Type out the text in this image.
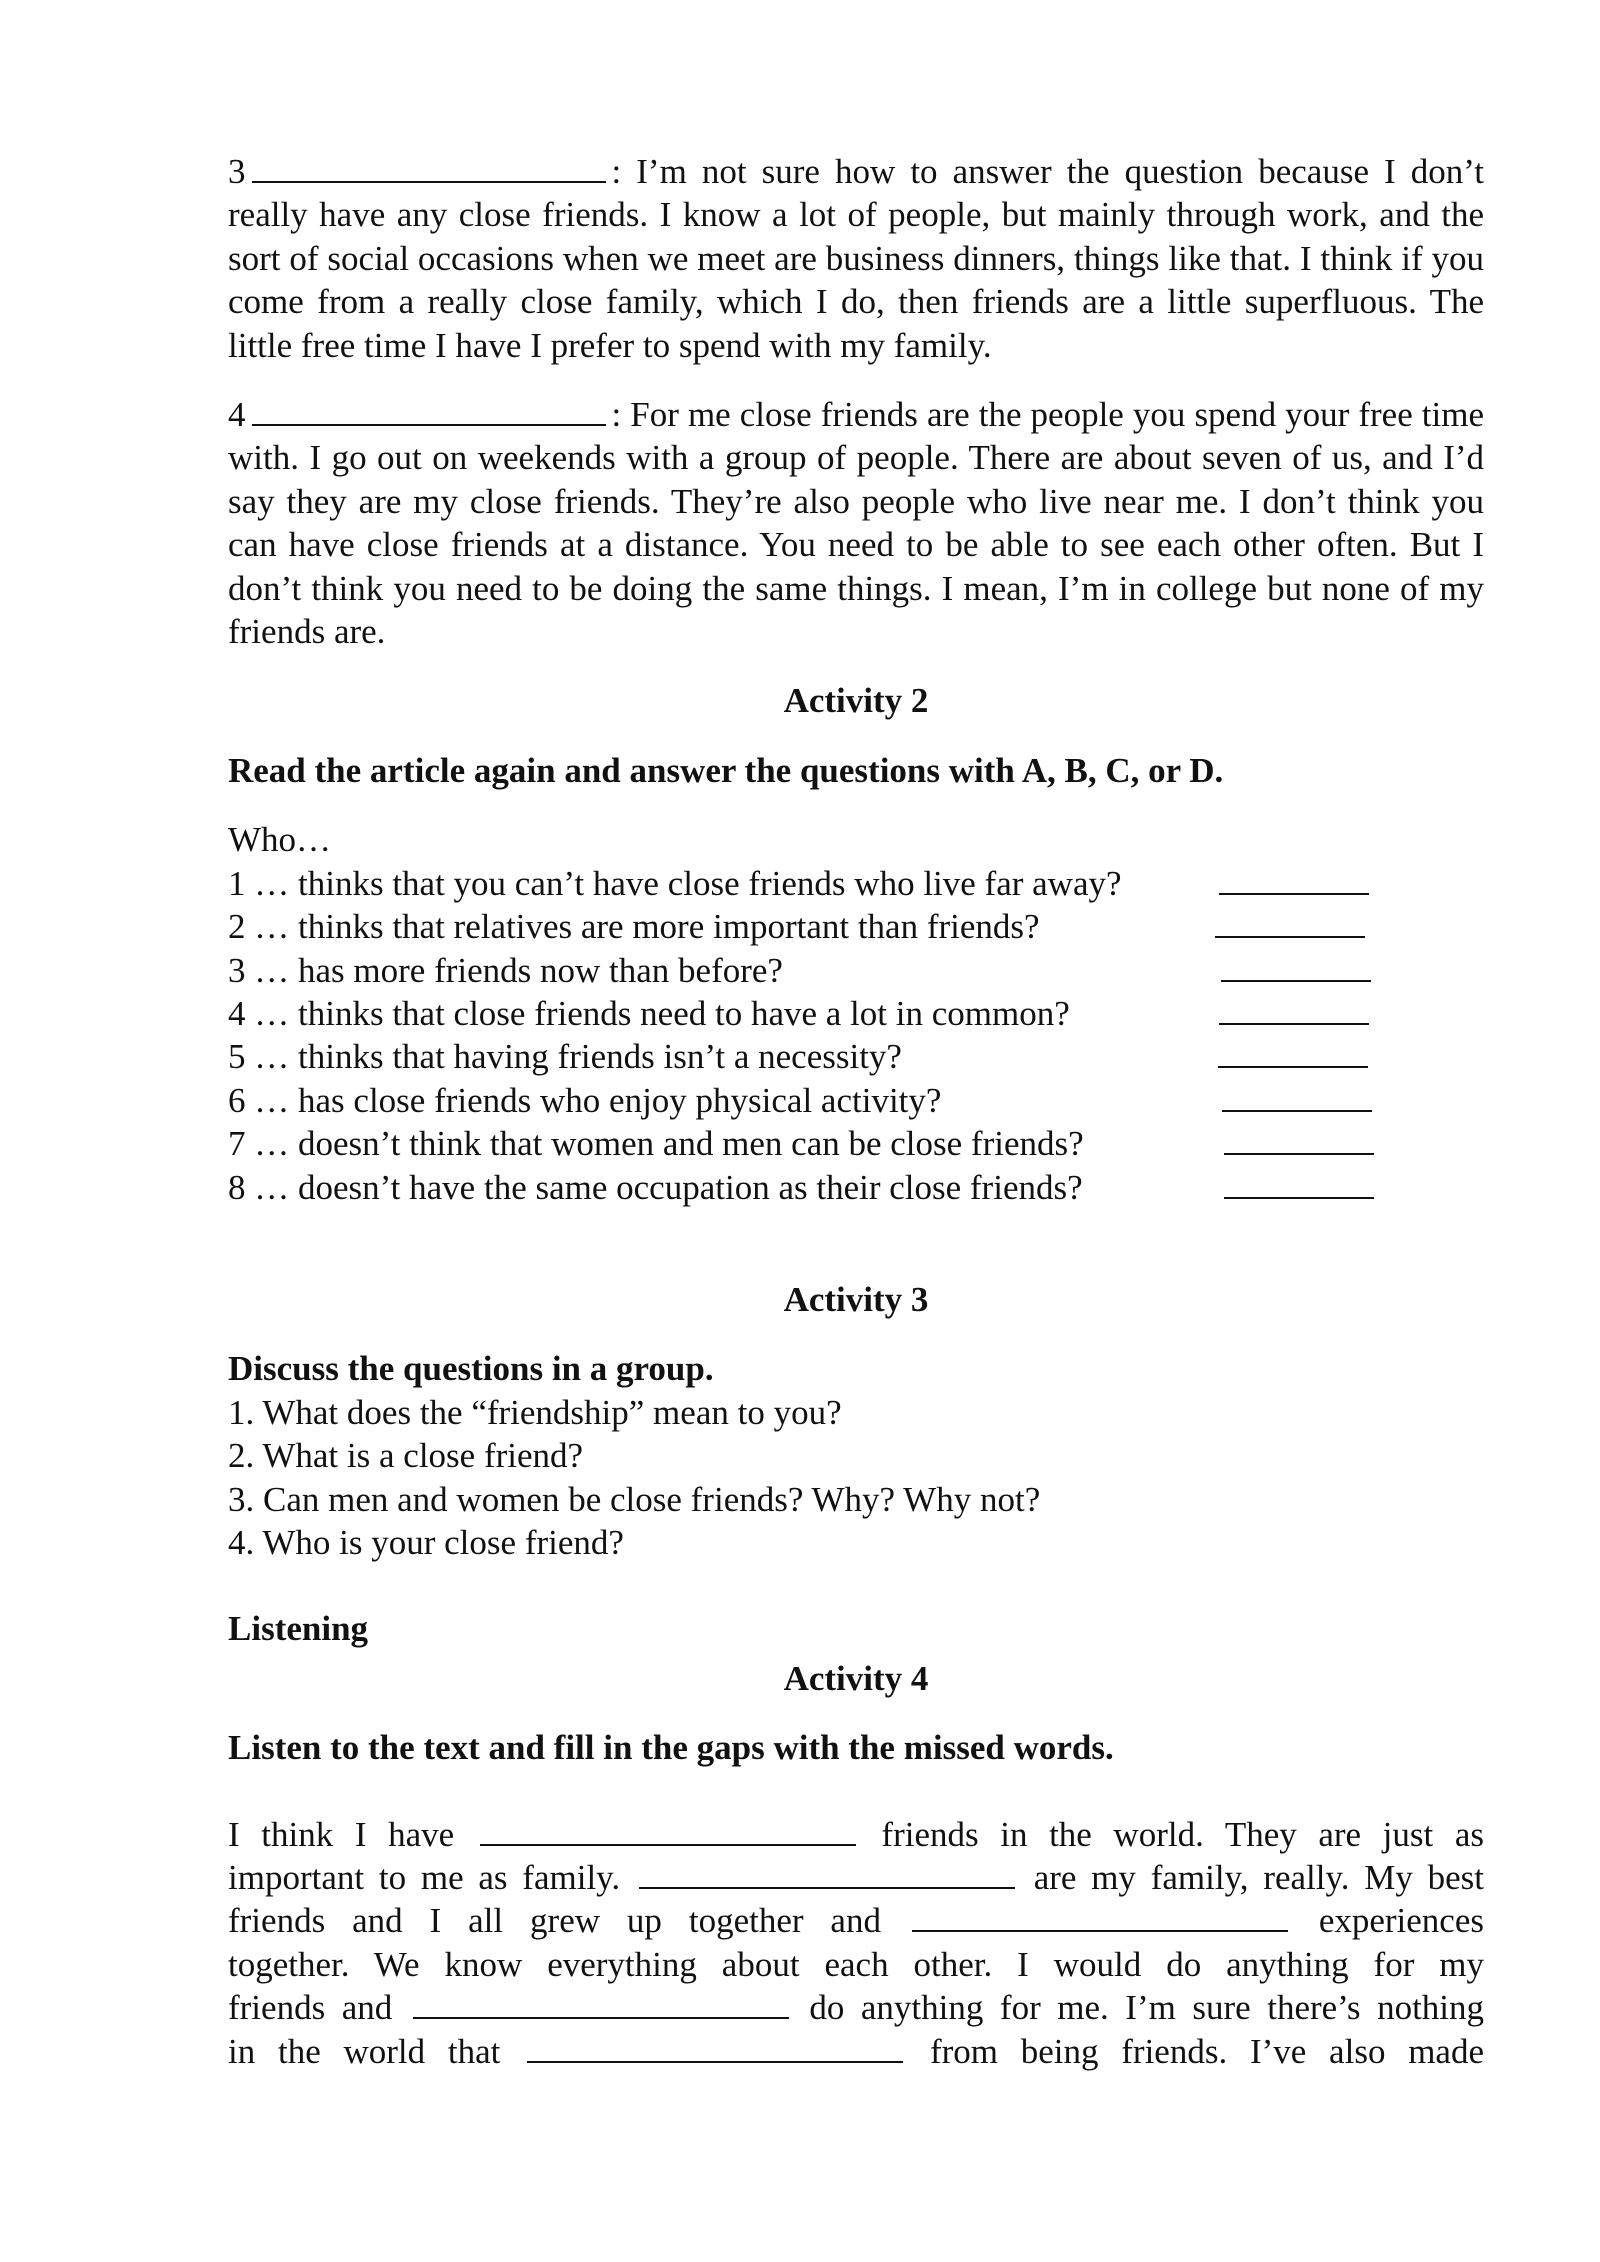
3	: I’m not sure how to answer the question because I don’t really have any close friends. I know a lot of people, but mainly through work, and the sort of social occasions when we meet are business dinners, things like that. I think if you come from a really close family, which I do, then friends are a little superfluous. The little free time I have I prefer to spend with my family.

4	: For me close friends are the people you spend your free time with. I go out on weekends with a group of people. There are about seven of us, and I’d say they are my close friends. They’re also people who live near me. I don’t think you can have close friends at a distance. You need to be able to see each other often. But I don’t think you need to be doing the same things. I mean, I’m in college but none of my friends are.

Activity 2

Read the article again and answer the questions with A, B, C, or D.

Who…

1 … thinks that you can’t have close friends who live far away?
2 … thinks that relatives are more important than friends?
3 … has more friends now than before?
4 … thinks that close friends need to have a lot in common?
5 … thinks that having friends isn’t a necessity?
6 … has close friends who enjoy physical activity?
7 … doesn’t think that women and men can be close friends?
8 … doesn’t have the same occupation as their close friends?

Activity 3

Discuss the questions in a group.

1. What does the “friendship” mean to you?

2. What is a close friend?

3. Can men and women be close friends? Why? Why not?

4. Who is your close friend?

Listening

Activity 4

Listen to the text and fill in the gaps with the missed words.

I think I have	friends in the world. They are just as
important to me as family.	are my family, really. My best
friends and I all grew up together and	experiences
together. We know everything about each other. I would do anything for my
friends and	do anything for me. I’m sure there’s nothing
in the world that	from being friends. I’ve also made
